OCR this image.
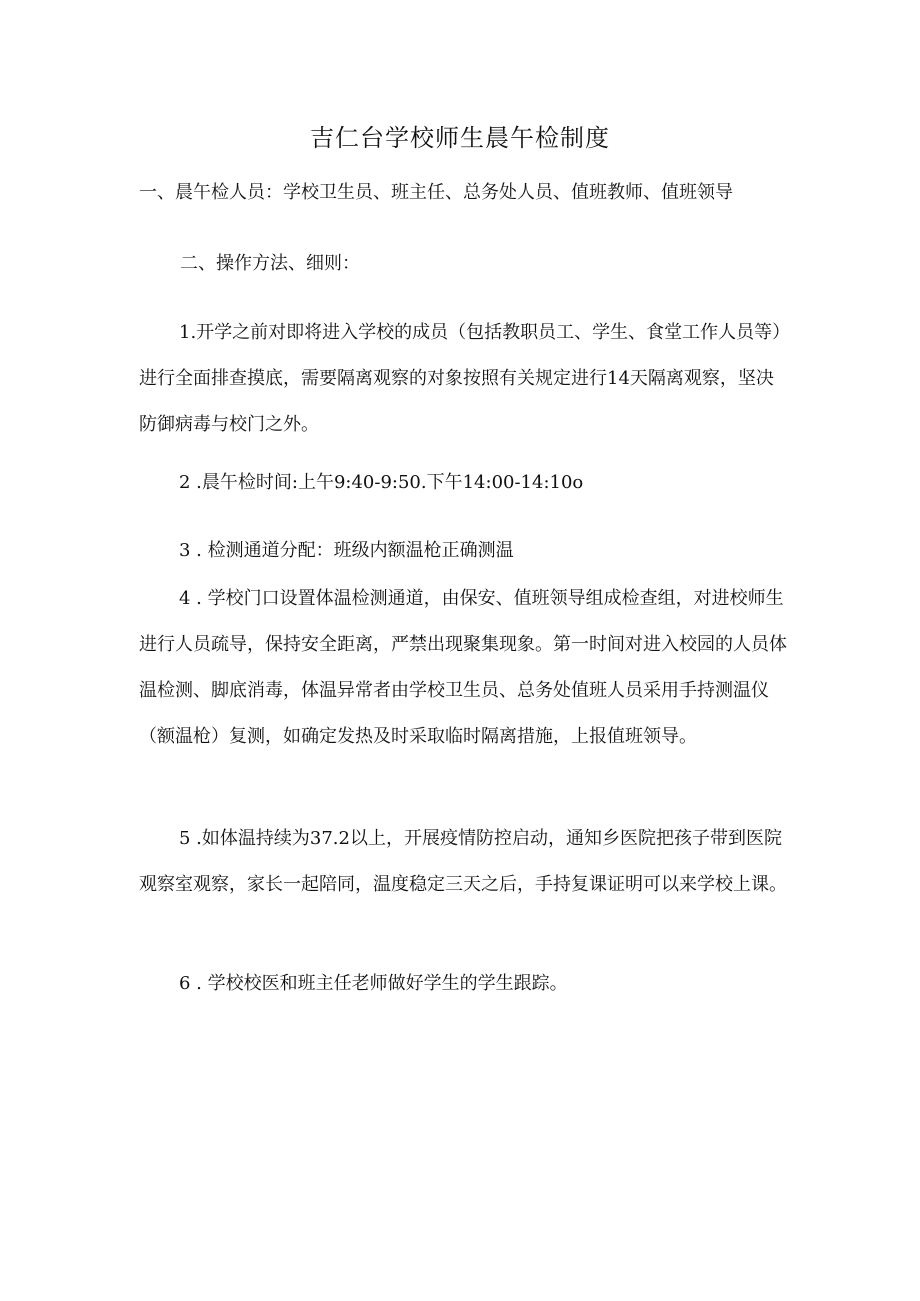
吉仁台学校师生晨午检制度
一、晨午检人员：学校卫生员、班主任、总务处人员、值班教师、值班领导
二、操作方法、细则：

1.开学之前对即将进入学校的成员（包括教职员工、学生、食堂工作人员等）进行全面排查摸底，需要隔离观察的对象按照有关规定进行14天隔离观察，坚决防御病毒与校门之外。

2 .晨午检时间:上午9:40-9:50.下午14:00-14:10o

3 . 检测通道分配：班级内额温枪正确测温

4 . 学校门口设置体温检测通道，由保安、值班领导组成检查组，对进校师生进行人员疏导，保持安全距离，严禁出现聚集现象。第一时间对进入校园的人员体温检测、脚底消毒，体温异常者由学校卫生员、总务处值班人员采用手持测温仪（额温枪）复测，如确定发热及时采取临时隔离措施，上报值班领导。

5 .如体温持续为37.2以上，开展疫情防控启动，通知乡医院把孩子带到医院观察室观察，家长一起陪同，温度稳定三天之后，手持复课证明可以来学校上课。

6 . 学校校医和班主任老师做好学生的学生跟踪。
